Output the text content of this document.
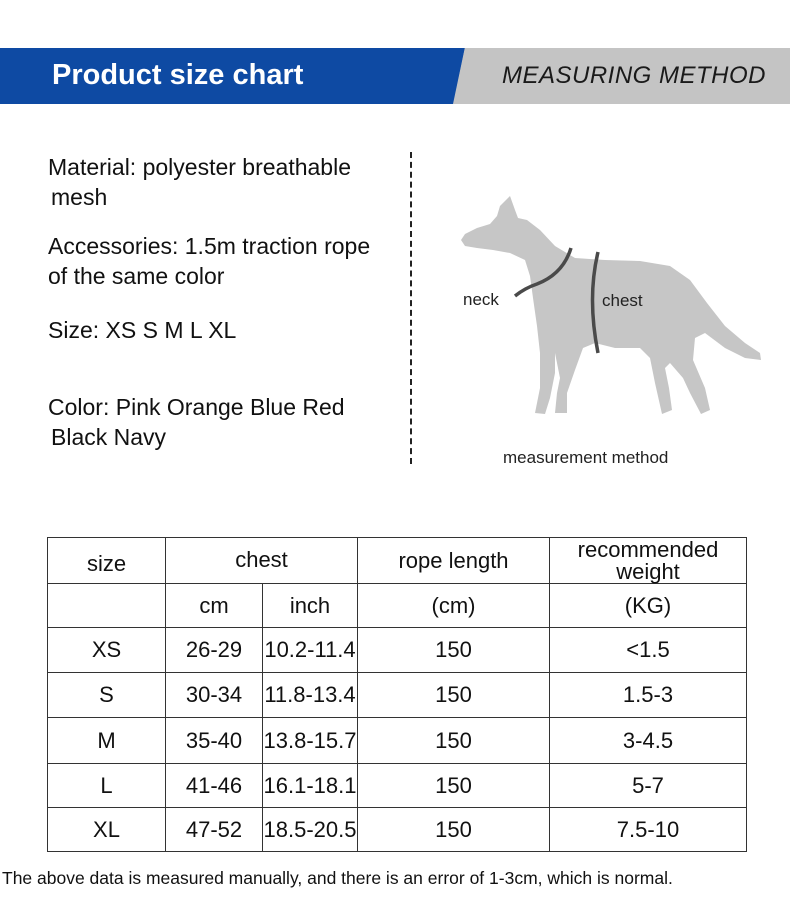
Product size chart	MEASURING METHOD
Material: polyester breathable
mesh
Accessories: 1.5m traction rope
of the same color
Size: XS S M L XL
Color: Pink Orange Blue Red
Black Navy
neck	chest
measurement method
size	chest		rope length	recommended
weight

	cm	inch	(cm)	(KG)
XS	26-29	10.2-11.4	150	<1.5
S	30-34	11.8-13.4	150	1.5-3
M	35-40	13.8-15.7	150	3-4.5
L	41-46	16.1-18.1	150	5-7
XL	47-52	18.5-20.5	150	7.5-10
The above data is measured manually, and there is an error of 1-3cm, which is normal.
